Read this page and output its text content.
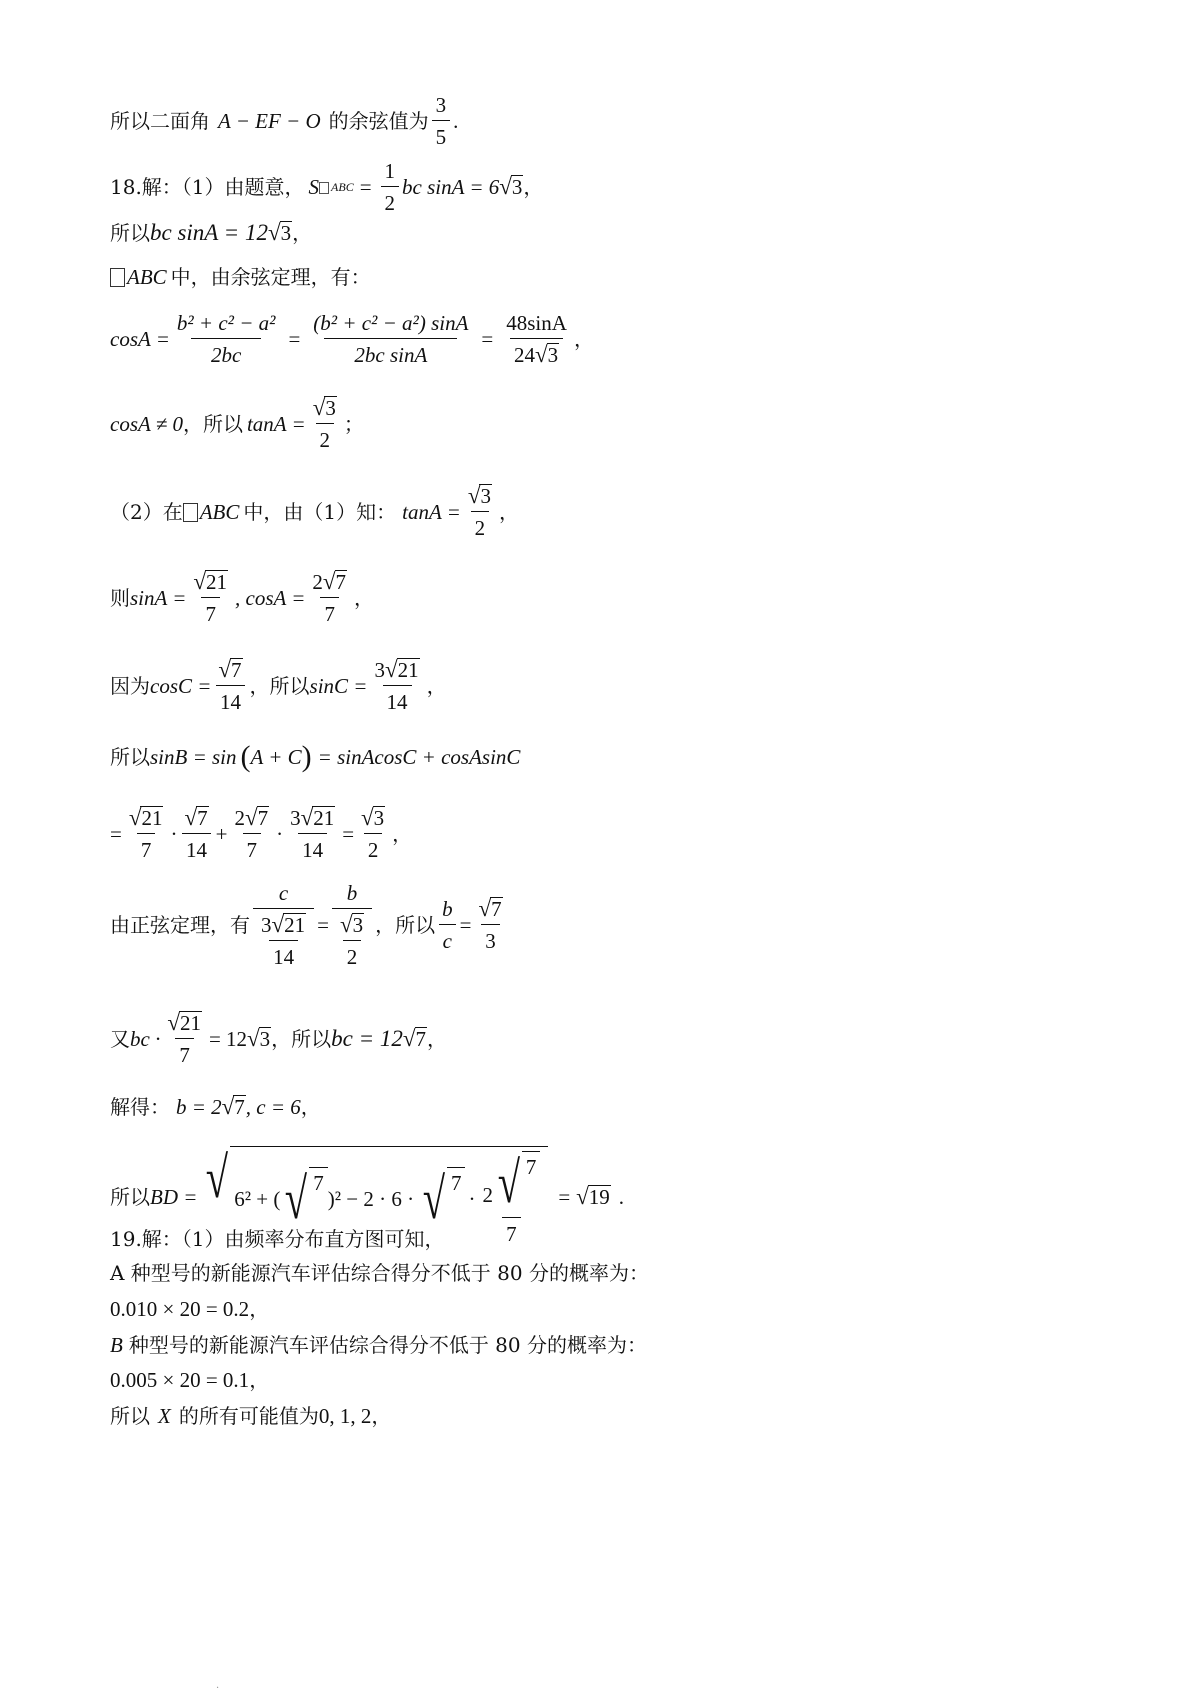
所以二面角 A − EF − O 的余弦值为 $\frac{3}{5}$ .
18.解：（1）由题意， S	ABC = $\frac{1}{2}$ bc sinA = 6 √ 3 ，
所以 bc sinA = 12 √ 3 ，
ABC 中，由余弦定理，有：
$\cos A = \frac{\text{b² + c² − a²}}{2bc} = \frac{\text{(b² + c² − a²) sinA}}{\text{2bc sinA}} = \frac{48\sin A}{24 √ 3}$ ，
cosA ≠ 0 ，所以 $\tan A = \frac{√ 3}{2}$ ；
（2）在 ABC 中，由（1）知： $\tan A = \frac{√ 3}{2}$ ，
则 $\sin A = \frac{√ 21}{7}$ , $\cos A = \frac{2 √ 7}{7}$ ，
因为 $\cos C = \frac{√ 7}{14}$ ，所以 $\sin C = \frac{3 √ 21}{14}$ ，
所以 sinB = sin ( A + C ) = sinAcosC + cosAsinC
= $\frac{√ 21}{7} \cdot \frac{√ 7}{14} + \frac{2 √ 7}{7} \cdot \frac{3 √ 21}{14} = \frac{√ 3}{2}$ ，
由正弦定理，有 $\frac{c}{\frac{3 √ 21}{14}} = \frac{b}{\frac{√ 3}{2}}$ ，所以 $\frac{b}{c} = \frac{√ 7}{3}$
又 bc · $\frac{√ 21}{7} = 12$ √ 3 ，所以 bc = 12 √ 7 ，
解得： b = 2 √ 7 , c = 6 ，
所以 BD = √ 6² + ( √ 7
)² − 2 · 6 · √ 7
· $\frac{2 √ 7}{7}$ = √ 19 .
19.解：（1）由频率分布直方图可知，
A 种型号的新能源汽车评估综合得分不低于 80 分的概率为：
0.010 × 20 = 0.2 ，
B 种型号的新能源汽车评估综合得分不低于 80 分的概率为：
0.005 × 20 = 0.1 ，
所以 X 的所有可能值为 0, 1, 2 ，
·
